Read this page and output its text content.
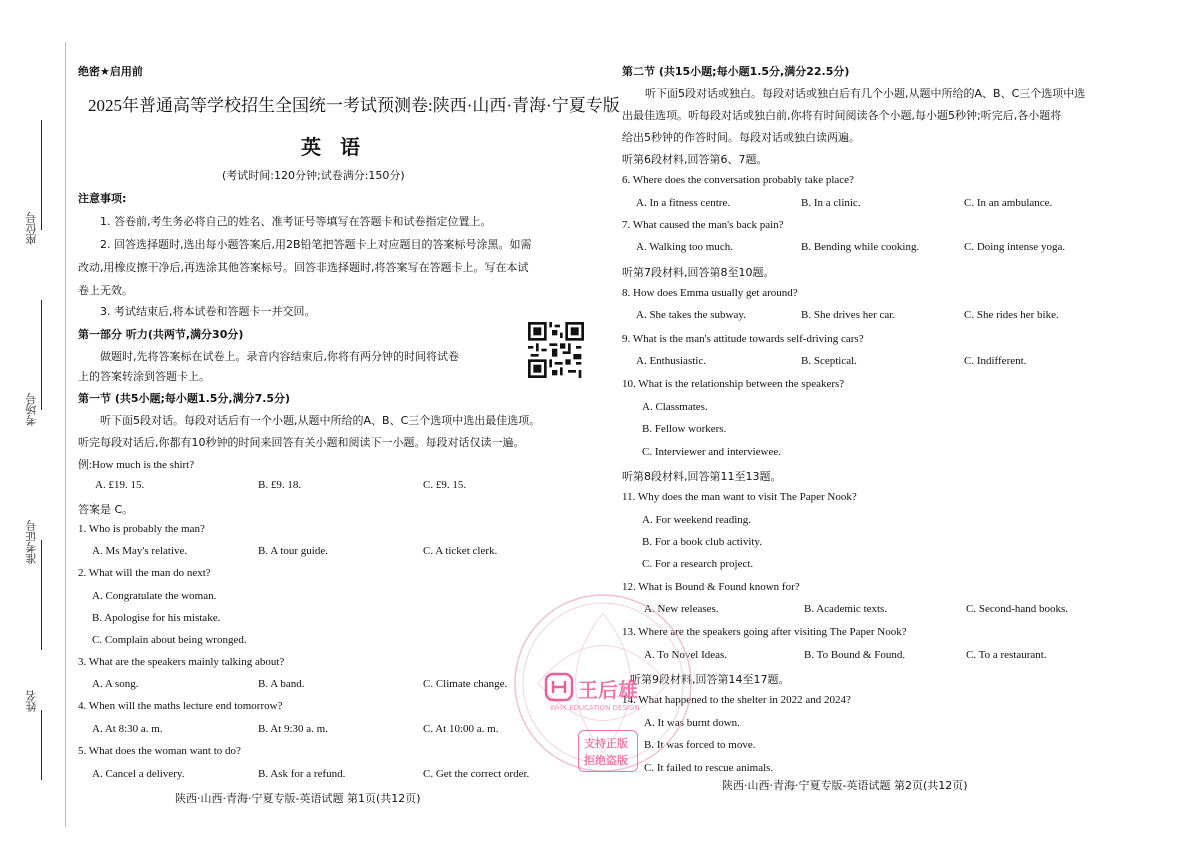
座位号
考场号
准考证号
姓名
绝密★启用前
2025年普通高等学校招生全国统一考试预测卷:陕西·山西·青海·宁夏专版
英 语
(考试时间:120分钟;试卷满分:150分)
注意事项:
1. 答卷前,考生务必将自己的姓名、准考证号等填写在答题卡和试卷指定位置上。
2. 回答选择题时,选出每小题答案后,用2B铅笔把答题卡上对应题目的答案标号涂黑。如需
改动,用橡皮擦干净后,再选涂其他答案标号。回答非选择题时,将答案写在答题卡上。写在本试
卷上无效。
3. 考试结束后,将本试卷和答题卡一并交回。
第一部分 听力(共两节,满分30分)
做题时,先将答案标在试卷上。录音内容结束后,你将有两分钟的时间将试卷
上的答案转涂到答题卡上。
第一节 (共5小题;每小题1.5分,满分7.5分)
听下面5段对话。每段对话后有一个小题,从题中所给的A、B、C三个选项中选出最佳选项。
听完每段对话后,你都有10秒钟的时间来回答有关小题和阅读下一小题。每段对话仅读一遍。
例:How much is the shirt?
A. £19. 15.	B. £9. 18.	C. £9. 15.
答案是 C。
1. Who is probably the man?
A. Ms May's relative.	B. A tour guide.	C. A ticket clerk.
2. What will the man do next?
A. Congratulate the woman.
B. Apologise for his mistake.
C. Complain about being wronged.
3. What are the speakers mainly talking about?
A. A song.	B. A band.	C. Climate change.
4. When will the maths lecture end tomorrow?
A. At 8:30 a. m.	B. At 9:30 a. m.	C. At 10:00 a. m.
5. What does the woman want to do?
A. Cancel a delivery.	B. Ask for a refund.	C. Get the correct order.
陕西·山西·青海·宁夏专版-英语试题 第1页(共12页)
第二节 (共15小题;每小题1.5分,满分22.5分)
听下面5段对话或独白。每段对话或独白后有几个小题,从题中所给的A、B、C三个选项中选
出最佳选项。听每段对话或独白前,你将有时间阅读各个小题,每小题5秒钟;听完后,各小题将
给出5秒钟的作答时间。每段对话或独白读两遍。
听第6段材料,回答第6、7题。
6. Where does the conversation probably take place?
A. In a fitness centre.	B. In a clinic.	C. In an ambulance.
7. What caused the man's back pain?
A. Walking too much.	B. Bending while cooking.	C. Doing intense yoga.
听第7段材料,回答第8至10题。
8. How does Emma usually get around?
A. She takes the subway.	B. She drives her car.	C. She rides her bike.
9. What is the man's attitude towards self-driving cars?
A. Enthusiastic.	B. Sceptical.	C. Indifferent.
10. What is the relationship between the speakers?
A. Classmates.
B. Fellow workers.
C. Interviewer and interviewee.
听第8段材料,回答第11至13题。
11. Why does the man want to visit The Paper Nook?
A. For weekend reading.
B. For a book club activity.
C. For a research project.
12. What is Bound & Found known for?
A. New releases.	B. Academic texts.	C. Second-hand books.
13. Where are the speakers going after visiting The Paper Nook?
A. To Novel Ideas.	B. To Bound & Found.	C. To a restaurant.
听第9段材料,回答第14至17题。
14. What happened to the shelter in 2022 and 2024?
A. It was burnt down.
B. It was forced to move.
C. It failed to rescue animals.
陕西·山西·青海·宁夏专版-英语试题 第2页(共12页)
王后雄
WHX EDUCATION DESIGN
支持正版
拒绝盗版
